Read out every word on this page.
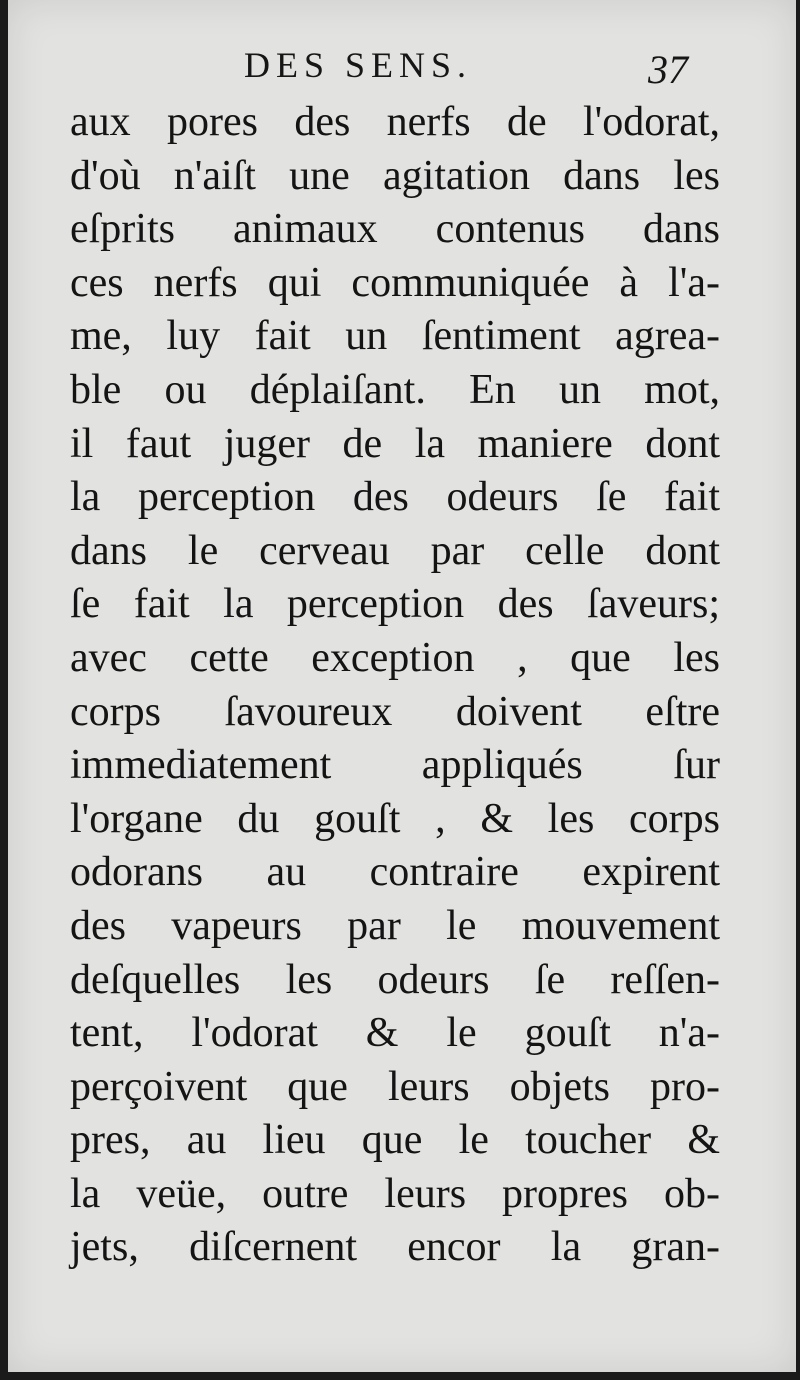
DES SENS.	37
aux pores des nerfs de l'odorat,
d'où n'aiſt une agitation dans les
eſprits animaux contenus dans
ces nerfs qui communiquée à l'a-
me, luy fait un ſentiment agrea-
ble ou déplaiſant. En un mot,
il faut juger de la maniere dont
la perception des odeurs ſe fait
dans le cerveau par celle dont
ſe fait la perception des ſaveurs;
avec cette exception , que les
corps ſavoureux doivent eſtre
immediatement appliqués ſur
l'organe du gouſt , & les corps
odorans au contraire expirent
des vapeurs par le mouvement
deſquelles les odeurs ſe reſſen-
tent, l'odorat & le gouſt n'a-
perçoivent que leurs objets pro-
pres, au lieu que le toucher &
la veüe, outre leurs propres ob-
jets, diſcernent encor la gran-
